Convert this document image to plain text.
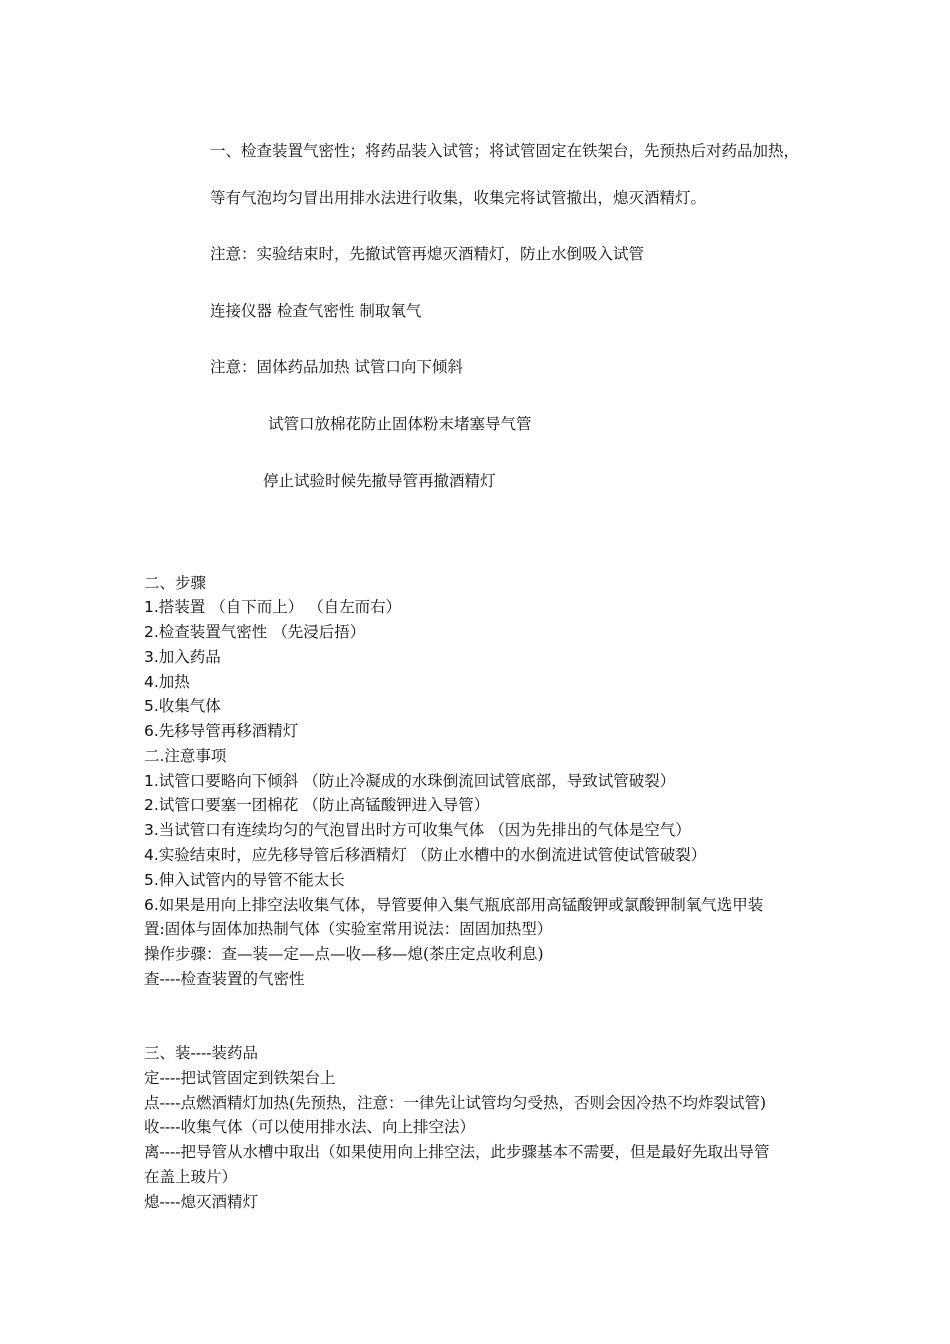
一、检查装置气密性；将药品装入试管；将试管固定在铁架台，先预热后对药品加热，
等有气泡均匀冒出用排水法进行收集，收集完将试管撤出，熄灭酒精灯。
注意：实验结束时，先撤试管再熄灭酒精灯，防止水倒吸入试管
连接仪器 检查气密性 制取氧气
注意：固体药品加热 试管口向下倾斜
试管口放棉花防止固体粉末堵塞导气管
停止试验时候先撤导管再撤酒精灯
二、步骤
1.搭装置 （自下而上） （自左而右）
2.检查装置气密性 （先浸后捂）
3.加入药品
4.加热
5.收集气体
6.先移导管再移酒精灯
二.注意事项
1.试管口要略向下倾斜 （防止冷凝成的水珠倒流回试管底部，导致试管破裂）
2.试管口要塞一团棉花 （防止高锰酸钾进入导管）
3.当试管口有连续均匀的气泡冒出时方可收集气体 （因为先排出的气体是空气）
4.实验结束时，应先移导管后移酒精灯 （防止水槽中的水倒流进试管使试管破裂）
5.伸入试管内的导管不能太长
6.如果是用向上排空法收集气体，导管要伸入集气瓶底部用高锰酸钾或氯酸钾制氧气选甲装
置:固体与固体加热制气体（实验室常用说法：固固加热型）
操作步骤：查—装—定—点—收—移—熄(茶庄定点收利息)
查----检查装置的气密性
三、装----装药品
定----把试管固定到铁架台上
点----点燃酒精灯加热(先预热，注意：一律先让试管均匀受热，否则会因冷热不均炸裂试管)
收----收集气体（可以使用排水法、向上排空法）
离----把导管从水槽中取出（如果使用向上排空法，此步骤基本不需要，但是最好先取出导管
在盖上玻片）
熄----熄灭酒精灯
